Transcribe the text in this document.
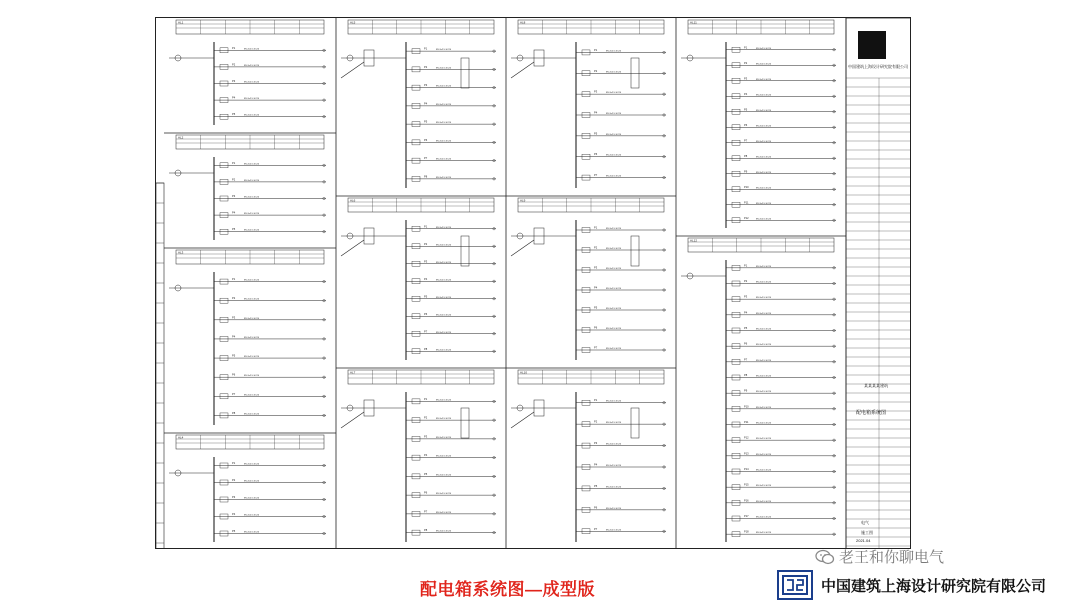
AL1
P1	BV-3x2.5-SC20
P2	BV-3x2.5-SC20
P3	BV-3x2.5-SC20
P4	BV-3x2.5-SC20
P5	BV-3x2.5-SC20
AL2
P1	BV-3x2.5-SC20
P2	BV-3x2.5-SC20
P3	BV-3x2.5-SC20
P4	BV-3x2.5-SC20
P5	BV-3x2.5-SC20
AL3
P1	BV-3x2.5-SC20
P2	BV-3x2.5-SC20
P3	BV-3x2.5-SC20
P4	BV-3x2.5-SC20
P5	BV-3x2.5-SC20
P6	BV-3x2.5-SC20
P7	BV-3x2.5-SC20
P8	BV-3x2.5-SC20
AL4
P1	BV-3x2.5-SC20
P2	BV-3x2.5-SC20
P3	BV-3x2.5-SC20
P4	BV-3x2.5-SC20
P5	BV-3x2.5-SC20
AL5
P1	BV-3x2.5-SC20
P2	BV-3x2.5-SC20
P3	BV-3x2.5-SC20
P4	BV-3x2.5-SC20
P5	BV-3x2.5-SC20
P6	BV-3x2.5-SC20
P7	BV-3x2.5-SC20
P8	BV-3x2.5-SC20
AL6
P1	BV-3x2.5-SC20
P2	BV-3x2.5-SC20
P3	BV-3x2.5-SC20
P4	BV-3x2.5-SC20
P5	BV-3x2.5-SC20
P6	BV-3x2.5-SC20
P7	BV-3x2.5-SC20
P8	BV-3x2.5-SC20
AL7
P1	BV-3x2.5-SC20
P2	BV-3x2.5-SC20
P3	BV-3x2.5-SC20
P4	BV-3x2.5-SC20
P5	BV-3x2.5-SC20
P6	BV-3x2.5-SC20
P7	BV-3x2.5-SC20
P8	BV-3x2.5-SC20
AL8
P1	BV-3x2.5-SC20
P2	BV-3x2.5-SC20
P3	BV-3x2.5-SC20
P4	BV-3x2.5-SC20
P5	BV-3x2.5-SC20
P6	BV-3x2.5-SC20
P7	BV-3x2.5-SC20
AL9
P1	BV-3x2.5-SC20
P2	BV-3x2.5-SC20
P3	BV-3x2.5-SC20
P4	BV-3x2.5-SC20
P5	BV-3x2.5-SC20
P6	BV-3x2.5-SC20
P7	BV-3x2.5-SC20
AL10
P1	BV-3x2.5-SC20
P2	BV-3x2.5-SC20
P3	BV-3x2.5-SC20
P4	BV-3x2.5-SC20
P5	BV-3x2.5-SC20
P6	BV-3x2.5-SC20
P7	BV-3x2.5-SC20
AL11
P1	BV-3x2.5-SC20
P2	BV-3x2.5-SC20
P3	BV-3x2.5-SC20
P4	BV-3x2.5-SC20
P5	BV-3x2.5-SC20
P6	BV-3x2.5-SC20
P7	BV-3x2.5-SC20
P8	BV-3x2.5-SC20
P9	BV-3x2.5-SC20
P10	BV-3x2.5-SC20
P11	BV-3x2.5-SC20
P12	BV-3x2.5-SC20
AL12
P1	BV-3x2.5-SC20
P2	BV-3x2.5-SC20
P3	BV-3x2.5-SC20
P4	BV-3x2.5-SC20
P5	BV-3x2.5-SC20
P6	BV-3x2.5-SC20
P7	BV-3x2.5-SC20
P8	BV-3x2.5-SC20
P9	BV-3x2.5-SC20
P10	BV-3x2.5-SC20
P11	BV-3x2.5-SC20
P12	BV-3x2.5-SC20
P13	BV-3x2.5-SC20
P14	BV-3x2.5-SC20
P15	BV-3x2.5-SC20
P16	BV-3x2.5-SC20
P17	BV-3x2.5-SC20
P18	BV-3x2.5-SC20
中国建筑上海设计研究院有限公司
某某某某建筑
配电箱系统图
电气
施工图
2021.04
老王和你聊电气
配电箱系统图—成型版	中国建筑上海设计研究院有限公司
